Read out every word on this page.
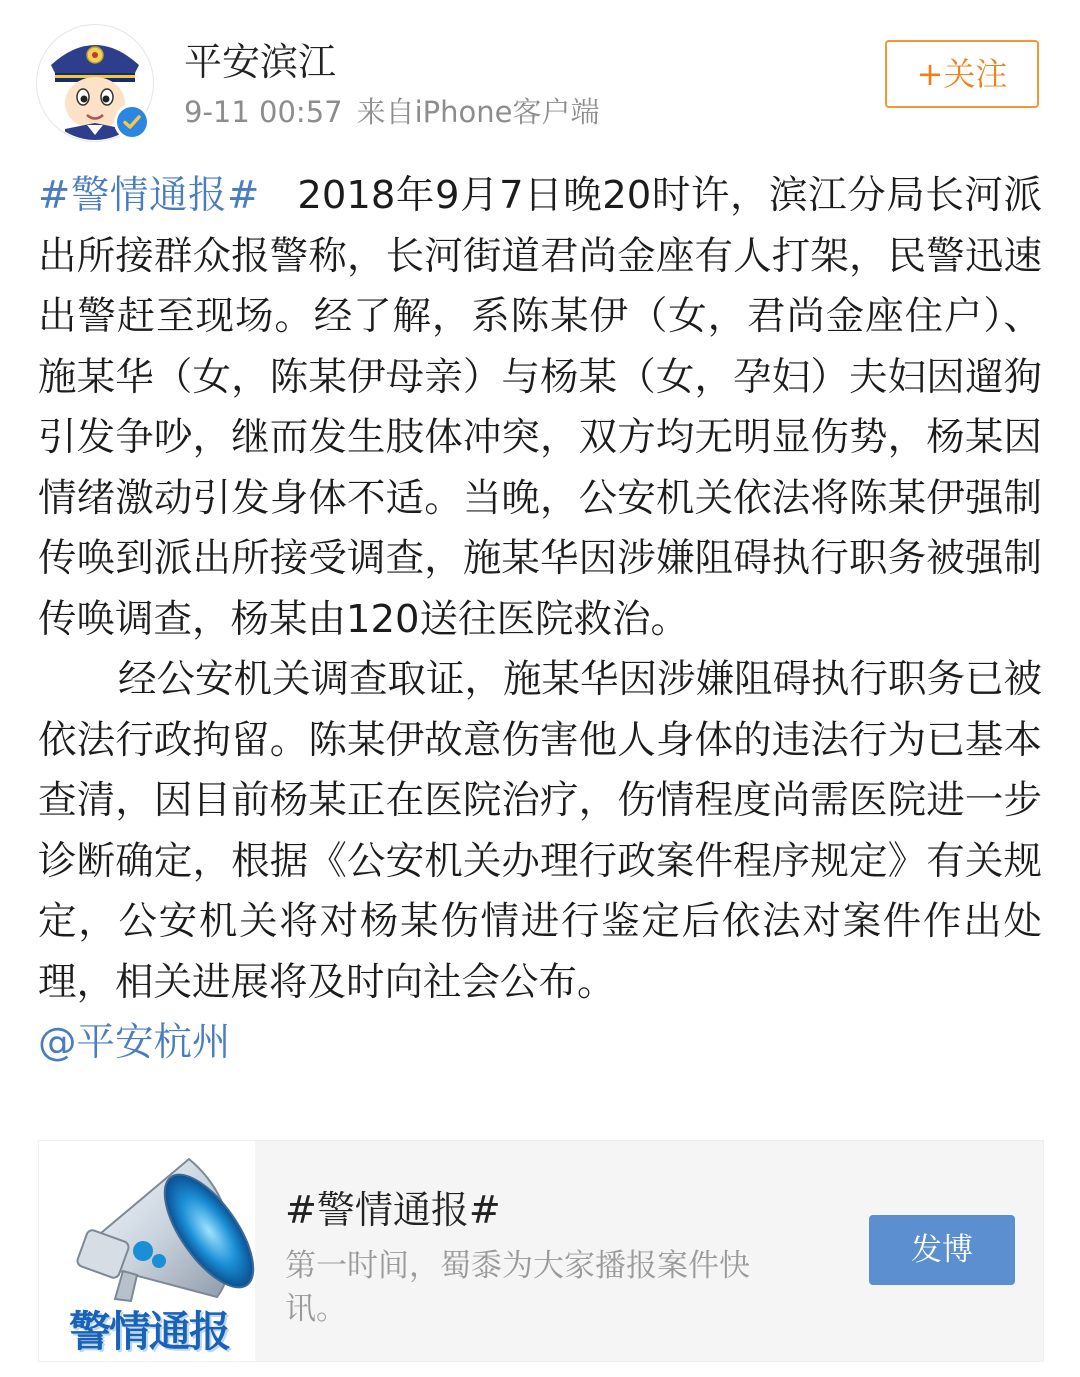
平安滨江
9-11 00:57 来自iPhone客户端
+关注

#警情通报# 2018年9月7日晚20时许，滨江分局长河派出所接群众报警称，长河街道君尚金座有人打架，民警迅速出警赶至现场。经了解，系陈某伊（女，君尚金座住户）、施某华（女，陈某伊母亲）与杨某（女，孕妇）夫妇因遛狗引发争吵，继而发生肢体冲突，双方均无明显伤势，杨某因情绪激动引发身体不适。当晚，公安机关依法将陈某伊强制传唤到派出所接受调查，施某华因涉嫌阻碍执行职务被强制传唤调查，杨某由120送往医院救治。

经公安机关调查取证，施某华因涉嫌阻碍执行职务已被依法行政拘留。陈某伊故意伤害他人身体的违法行为已基本查清，因目前杨某正在医院治疗，伤情程度尚需医院进一步诊断确定，根据《公安机关办理行政案件程序规定》有关规定，公安机关将对杨某伤情进行鉴定后依法对案件作出处理，相关进展将及时向社会公布。

@平安杭州

警情通报
#警情通报#
第一时间，蜀黍为大家播报案件快讯。
发博
